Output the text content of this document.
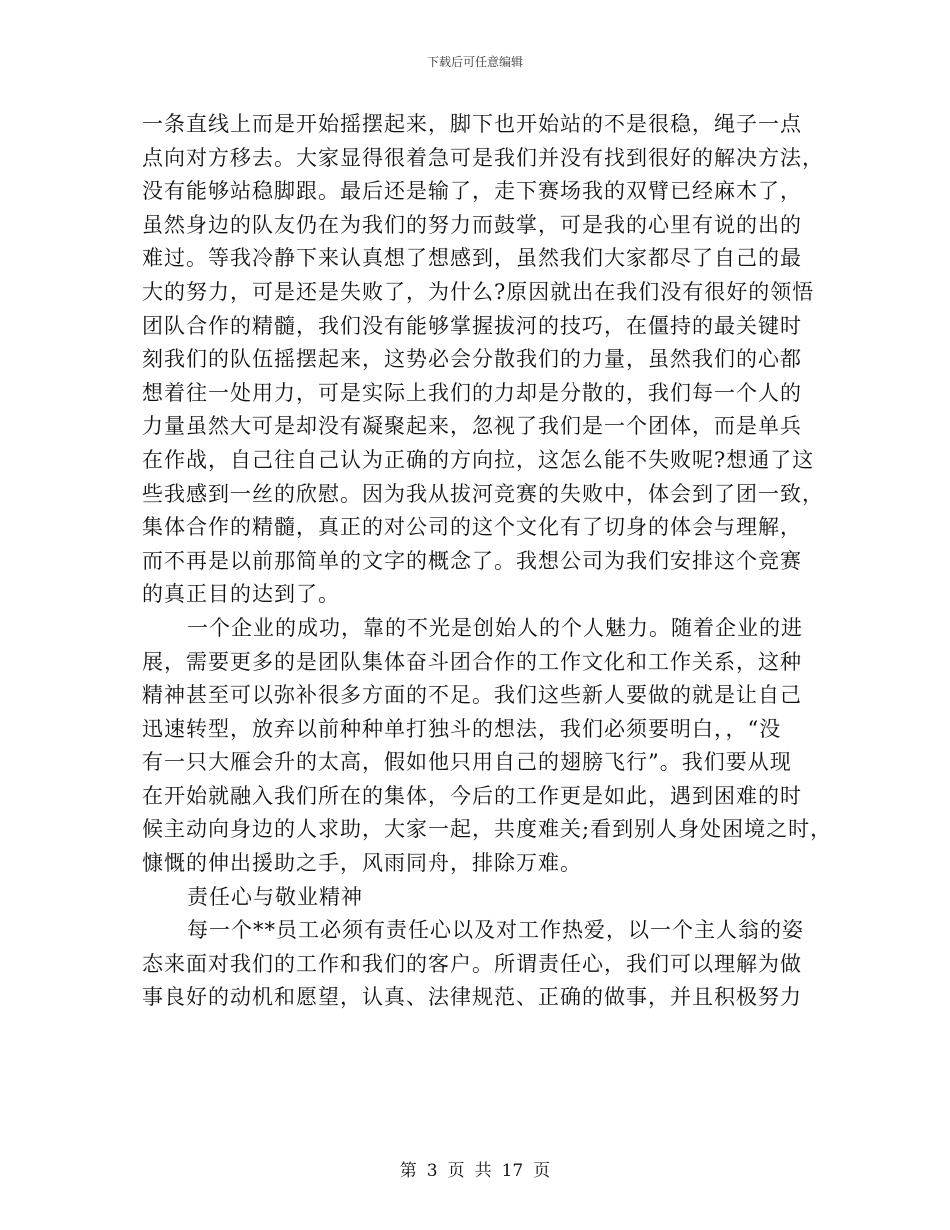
下载后可任意编辑
一条直线上而是开始摇摆起来，脚下也开始站的不是很稳，绳子一点
点向对方移去。大家显得很着急可是我们并没有找到很好的解决方法，
没有能够站稳脚跟。最后还是输了，走下赛场我的双臂已经麻木了，
虽然身边的队友仍在为我们的努力而鼓掌，可是我的心里有说的出的
难过。等我冷静下来认真想了想感到，虽然我们大家都尽了自己的最
大的努力，可是还是失败了，为什么?原因就出在我们没有很好的领悟
团队合作的精髓，我们没有能够掌握拔河的技巧，在僵持的最关键时
刻我们的队伍摇摆起来，这势必会分散我们的力量，虽然我们的心都
想着往一处用力，可是实际上我们的力却是分散的，我们每一个人的
力量虽然大可是却没有凝聚起来，忽视了我们是一个团体，而是单兵
在作战，自己往自己认为正确的方向拉，这怎么能不失败呢?想通了这
些我感到一丝的欣慰。因为我从拔河竞赛的失败中，体会到了团一致，
集体合作的精髓，真正的对公司的这个文化有了切身的体会与理解，
而不再是以前那简单的文字的概念了。我想公司为我们安排这个竞赛
的真正目的达到了。
一个企业的成功，靠的不光是创始人的个人魅力。随着企业的进
展，需要更多的是团队集体奋斗团合作的工作文化和工作关系，这种
精神甚至可以弥补很多方面的不足。我们这些新人要做的就是让自己
迅速转型，放弃以前种种单打独斗的想法，我们必须要明白，，“没
有一只大雁会升的太高，假如他只用自己的翅膀飞行”。我们要从现
在开始就融入我们所在的集体，今后的工作更是如此，遇到困难的时
候主动向身边的人求助，大家一起，共度难关;看到别人身处困境之时，
慷慨的伸出援助之手，风雨同舟，排除万难。
责任心与敬业精神
每一个**员工必须有责任心以及对工作热爱，以一个主人翁的姿
态来面对我们的工作和我们的客户。所谓责任心，我们可以理解为做
事良好的动机和愿望，认真、法律规范、正确的做事，并且积极努力
第 3 页 共 17 页
